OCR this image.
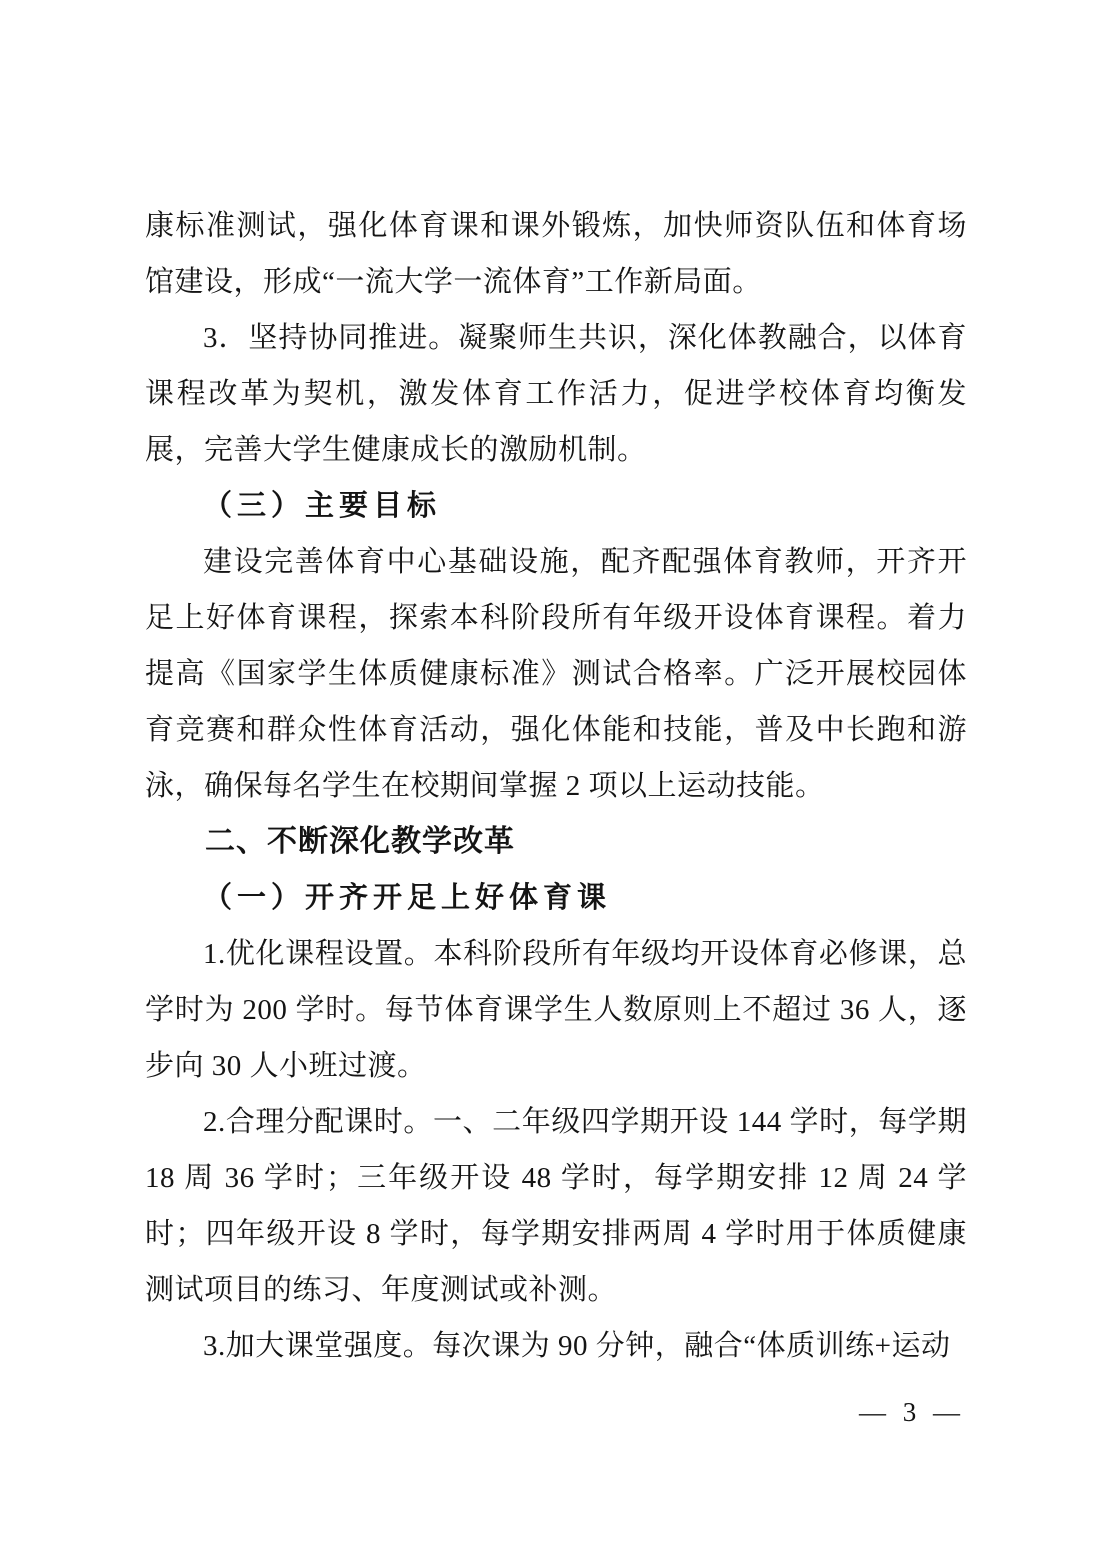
康标准测试，强化体育课和课外锻炼，加快师资队伍和体育场馆建设，形成“一流大学一流体育”工作新局面。

3．坚持协同推进。凝聚师生共识，深化体教融合，以体育课程改革为契机，激发体育工作活力，促进学校体育均衡发展，完善大学生健康成长的激励机制。

（三）主要目标

建设完善体育中心基础设施，配齐配强体育教师，开齐开足上好体育课程，探索本科阶段所有年级开设体育课程。着力提高《国家学生体质健康标准》测试合格率。广泛开展校园体育竞赛和群众性体育活动，强化体能和技能，普及中长跑和游泳，确保每名学生在校期间掌握 2 项以上运动技能。

二、不断深化教学改革

（一）开齐开足上好体育课

1.优化课程设置。本科阶段所有年级均开设体育必修课，总学时为 200 学时。每节体育课学生人数原则上不超过 36 人，逐步向 30 人小班过渡。

2.合理分配课时。一、二年级四学期开设 144 学时，每学期 18 周 36 学时；三年级开设 48 学时，每学期安排 12 周 24 学时；四年级开设 8 学时，每学期安排两周 4 学时用于体质健康测试项目的练习、年度测试或补测。

3.加大课堂强度。每次课为 90 分钟，融合“体质训练+运动

— 3 —
